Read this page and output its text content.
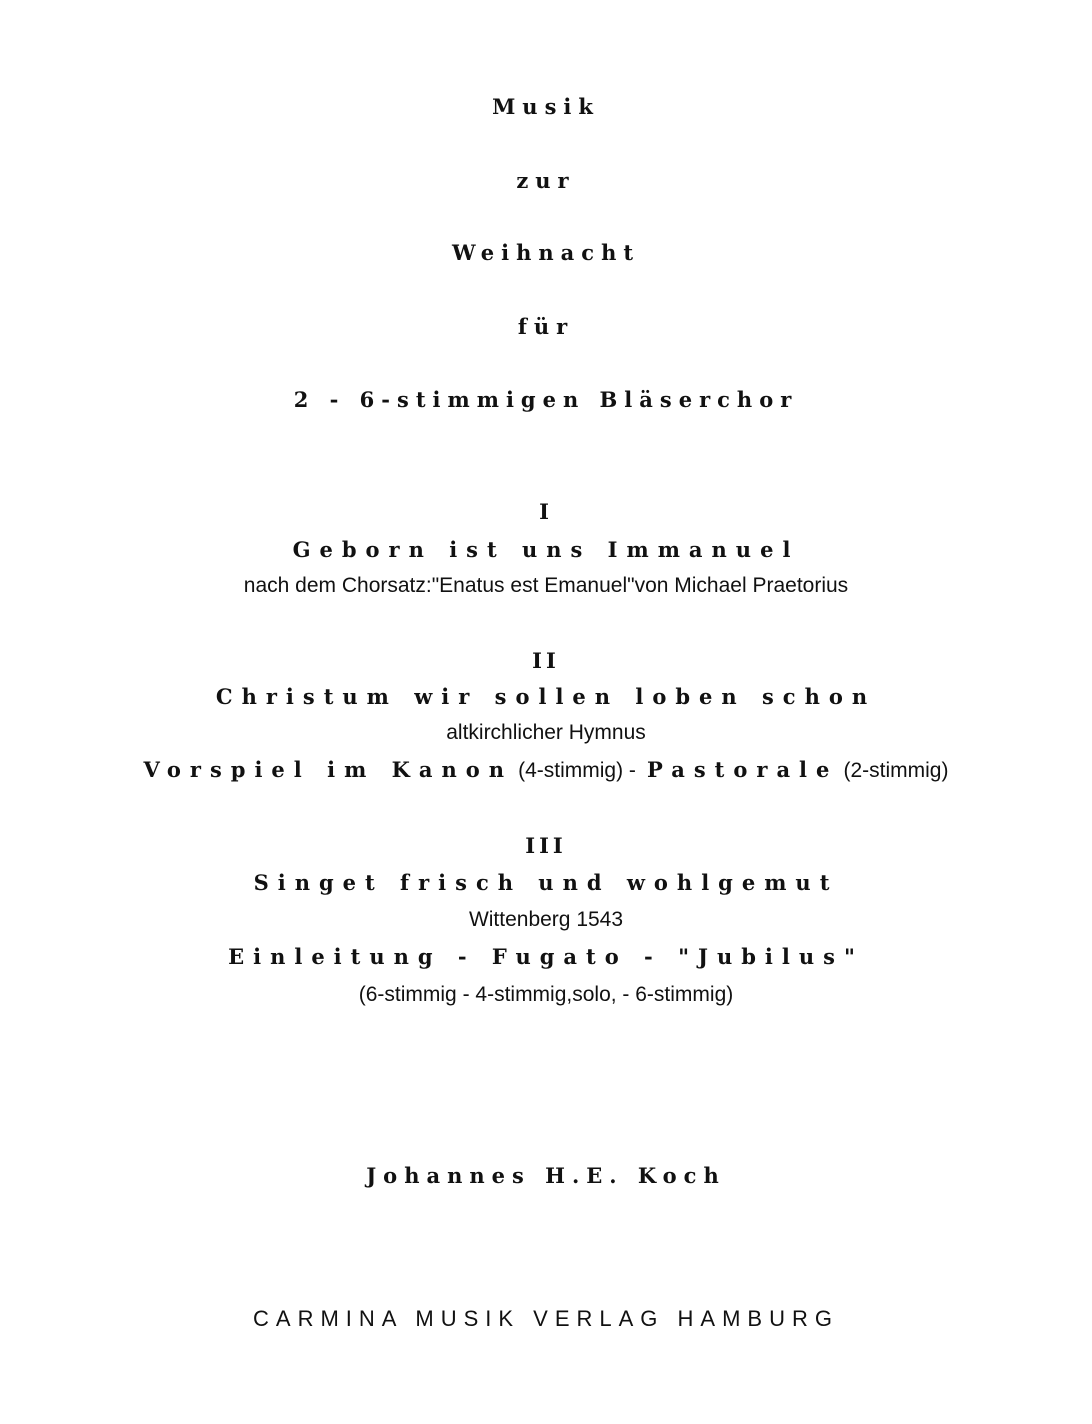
Musik
zur
Weihnacht
für
2 - 6-stimmigen Bläserchor
I
Geborn ist uns Immanuel
nach dem Chorsatz:"Enatus est Emanuel"von Michael Praetorius
II
Christum wir sollen loben schon
altkirchlicher Hymnus
Vorspiel im Kanon (4-stimmig) - Pastorale (2-stimmig)
III
Singet frisch und wohlgemut
Wittenberg 1543
Einleitung - Fugato - "Jubilus"
(6-stimmig - 4-stimmig,solo, - 6-stimmig)
Johannes H.E. Koch
CARMINA MUSIK VERLAG HAMBURG
